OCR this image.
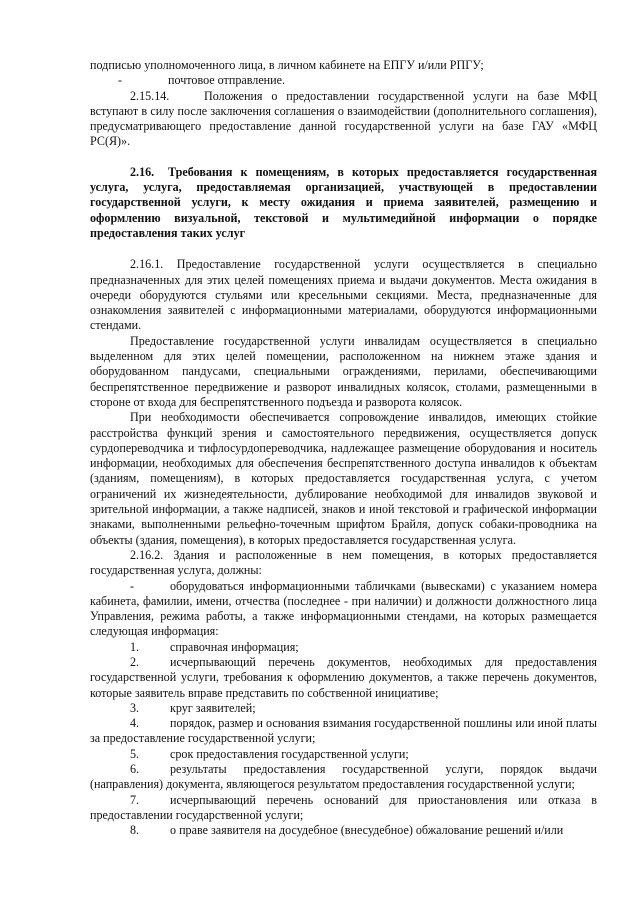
подписью уполномоченного лица, в личном кабинете на ЕПГУ и/или РПГУ;

-	почтовое отправление.

2.15.14.	Положения о предоставлении государственной услуги на базе МФЦ вступают в силу после заключения соглашения о взаимодействии (дополнительного соглашения), предусматривающего предоставление данной государственной услуги на базе ГАУ «МФЦ РС(Я)».

2.16. Требования к помещениям, в которых предоставляется государственная услуга, услуга, предоставляемая организацией, участвующей в предоставлении государственной услуги, к месту ожидания и приема заявителей, размещению и оформлению визуальной, текстовой и мультимедийной информации о порядке предоставления таких услуг

2.16.1. Предоставление государственной услуги осуществляется в специально предназначенных для этих целей помещениях приема и выдачи документов. Места ожидания в очереди оборудуются стульями или кресельными секциями. Места, предназначенные для ознакомления заявителей с информационными материалами, оборудуются информационными стендами.

Предоставление государственной услуги инвалидам осуществляется в специально выделенном для этих целей помещении, расположенном на нижнем этаже здания и оборудованном пандусами, специальными ограждениями, перилами, обеспечивающими беспрепятственное передвижение и разворот инвалидных колясок, столами, размещенными в стороне от входа для беспрепятственного подъезда и разворота колясок.

При необходимости обеспечивается сопровождение инвалидов, имеющих стойкие расстройства функций зрения и самостоятельного передвижения, осуществляется допуск сурдопереводчика и тифлосурдопереводчика, надлежащее размещение оборудования и носитель информации, необходимых для обеспечения беспрепятственного доступа инвалидов к объектам (зданиям, помещениям), в которых предоставляется государственная услуга, с учетом ограничений их жизнедеятельности, дублирование необходимой для инвалидов звуковой и зрительной информации, а также надписей, знаков и иной текстовой и графической информации знаками, выполненными рельефно-точечным шрифтом Брайля, допуск собаки-проводника на объекты (здания, помещения), в которых предоставляется государственная услуга.

2.16.2. Здания и расположенные в нем помещения, в которых предоставляется государственная услуга, должны:

-	оборудоваться информационными табличками (вывесками) с указанием номера кабинета, фамилии, имени, отчества (последнее - при наличии) и должности должностного лица Управления, режима работы, а также информационными стендами, на которых размещается следующая информация:

1.	справочная информация;

2.	исчерпывающий перечень документов, необходимых для предоставления государственной услуги, требования к оформлению документов, а также перечень документов, которые заявитель вправе представить по собственной инициативе;

3.	круг заявителей;

4.	порядок, размер и основания взимания государственной пошлины или иной платы за предоставление государственной услуги;

5.	срок предоставления государственной услуги;

6.	результаты предоставления государственной услуги, порядок выдачи (направления) документа, являющегося результатом предоставления государственной услуги;

7.	исчерпывающий перечень оснований для приостановления или отказа в предоставлении государственной услуги;

8.	о праве заявителя на досудебное (внесудебное) обжалование решений и/или
